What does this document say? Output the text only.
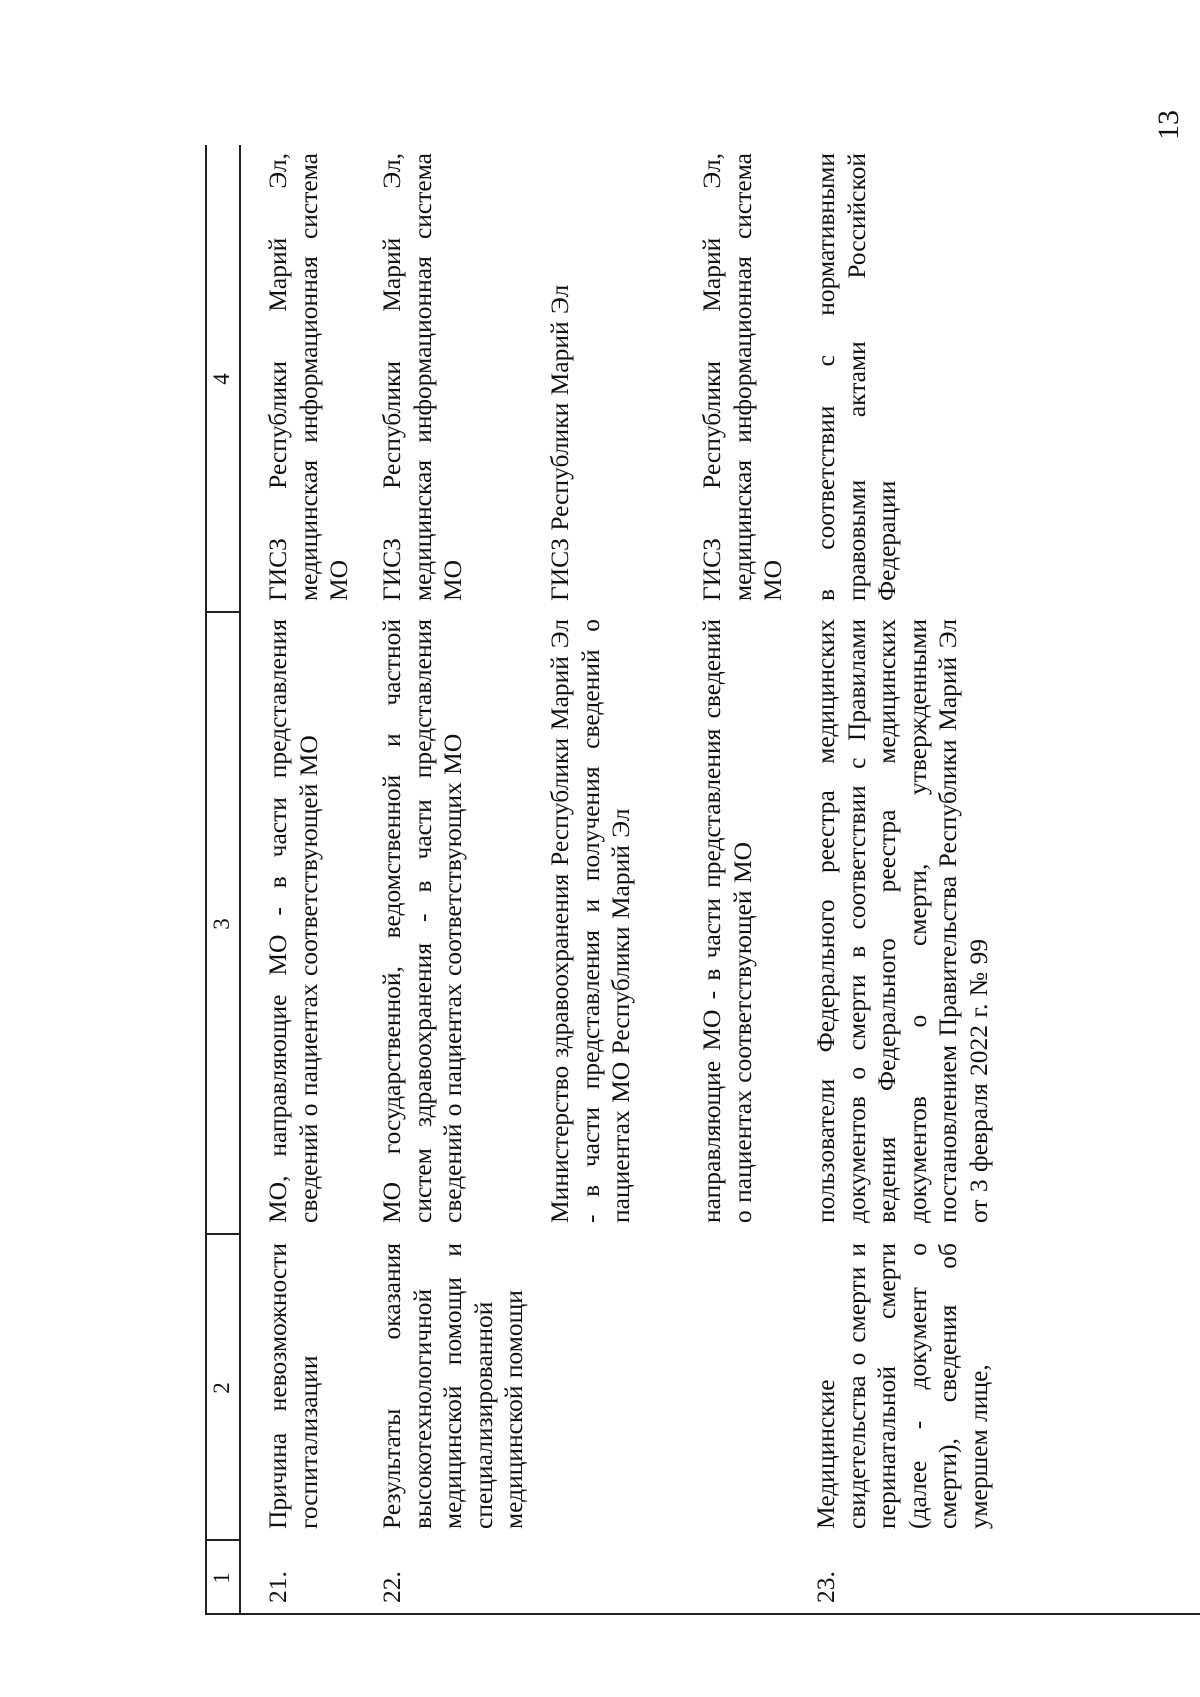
13
1
2
3
4
21.
Причина невозможности госпитализации
МО, направляющие МО - в части представления сведений о пациентах соответствующей МО
ГИСЗ Республики Марий Эл, медицинская информационная система МО
22.
Результаты оказания высокотехнологичной медицинской помощи и специализированной медицинской помощи
МО государственной, ведомственной и частной систем здравоохранения - в части представления сведений о пациентах соответствующих МО
ГИСЗ Республики Марий Эл, медицинская информационная система МО
Министерство здравоохранения Республики Марий Эл - в части представления и получения сведений о пациентах МО Республики Марий Эл
ГИСЗ Республики Марий Эл
направляющие МО - в части представления сведений о пациентах соответствующей МО
ГИСЗ Республики Марий Эл, медицинская информационная система МО
23.
Медицинские свидетельства о смерти и перинатальной смерти (далее - документ о смерти), сведения об умершем лице,
пользователи Федерального реестра медицинских документов о смерти в соответствии с Правилами ведения Федерального реестра медицинских документов о смерти, утвержденными постановлением Правительства Республики Марий Эл от 3 февраля 2022 г. № 99
в соответствии с нормативными правовыми актами Российской Федерации
